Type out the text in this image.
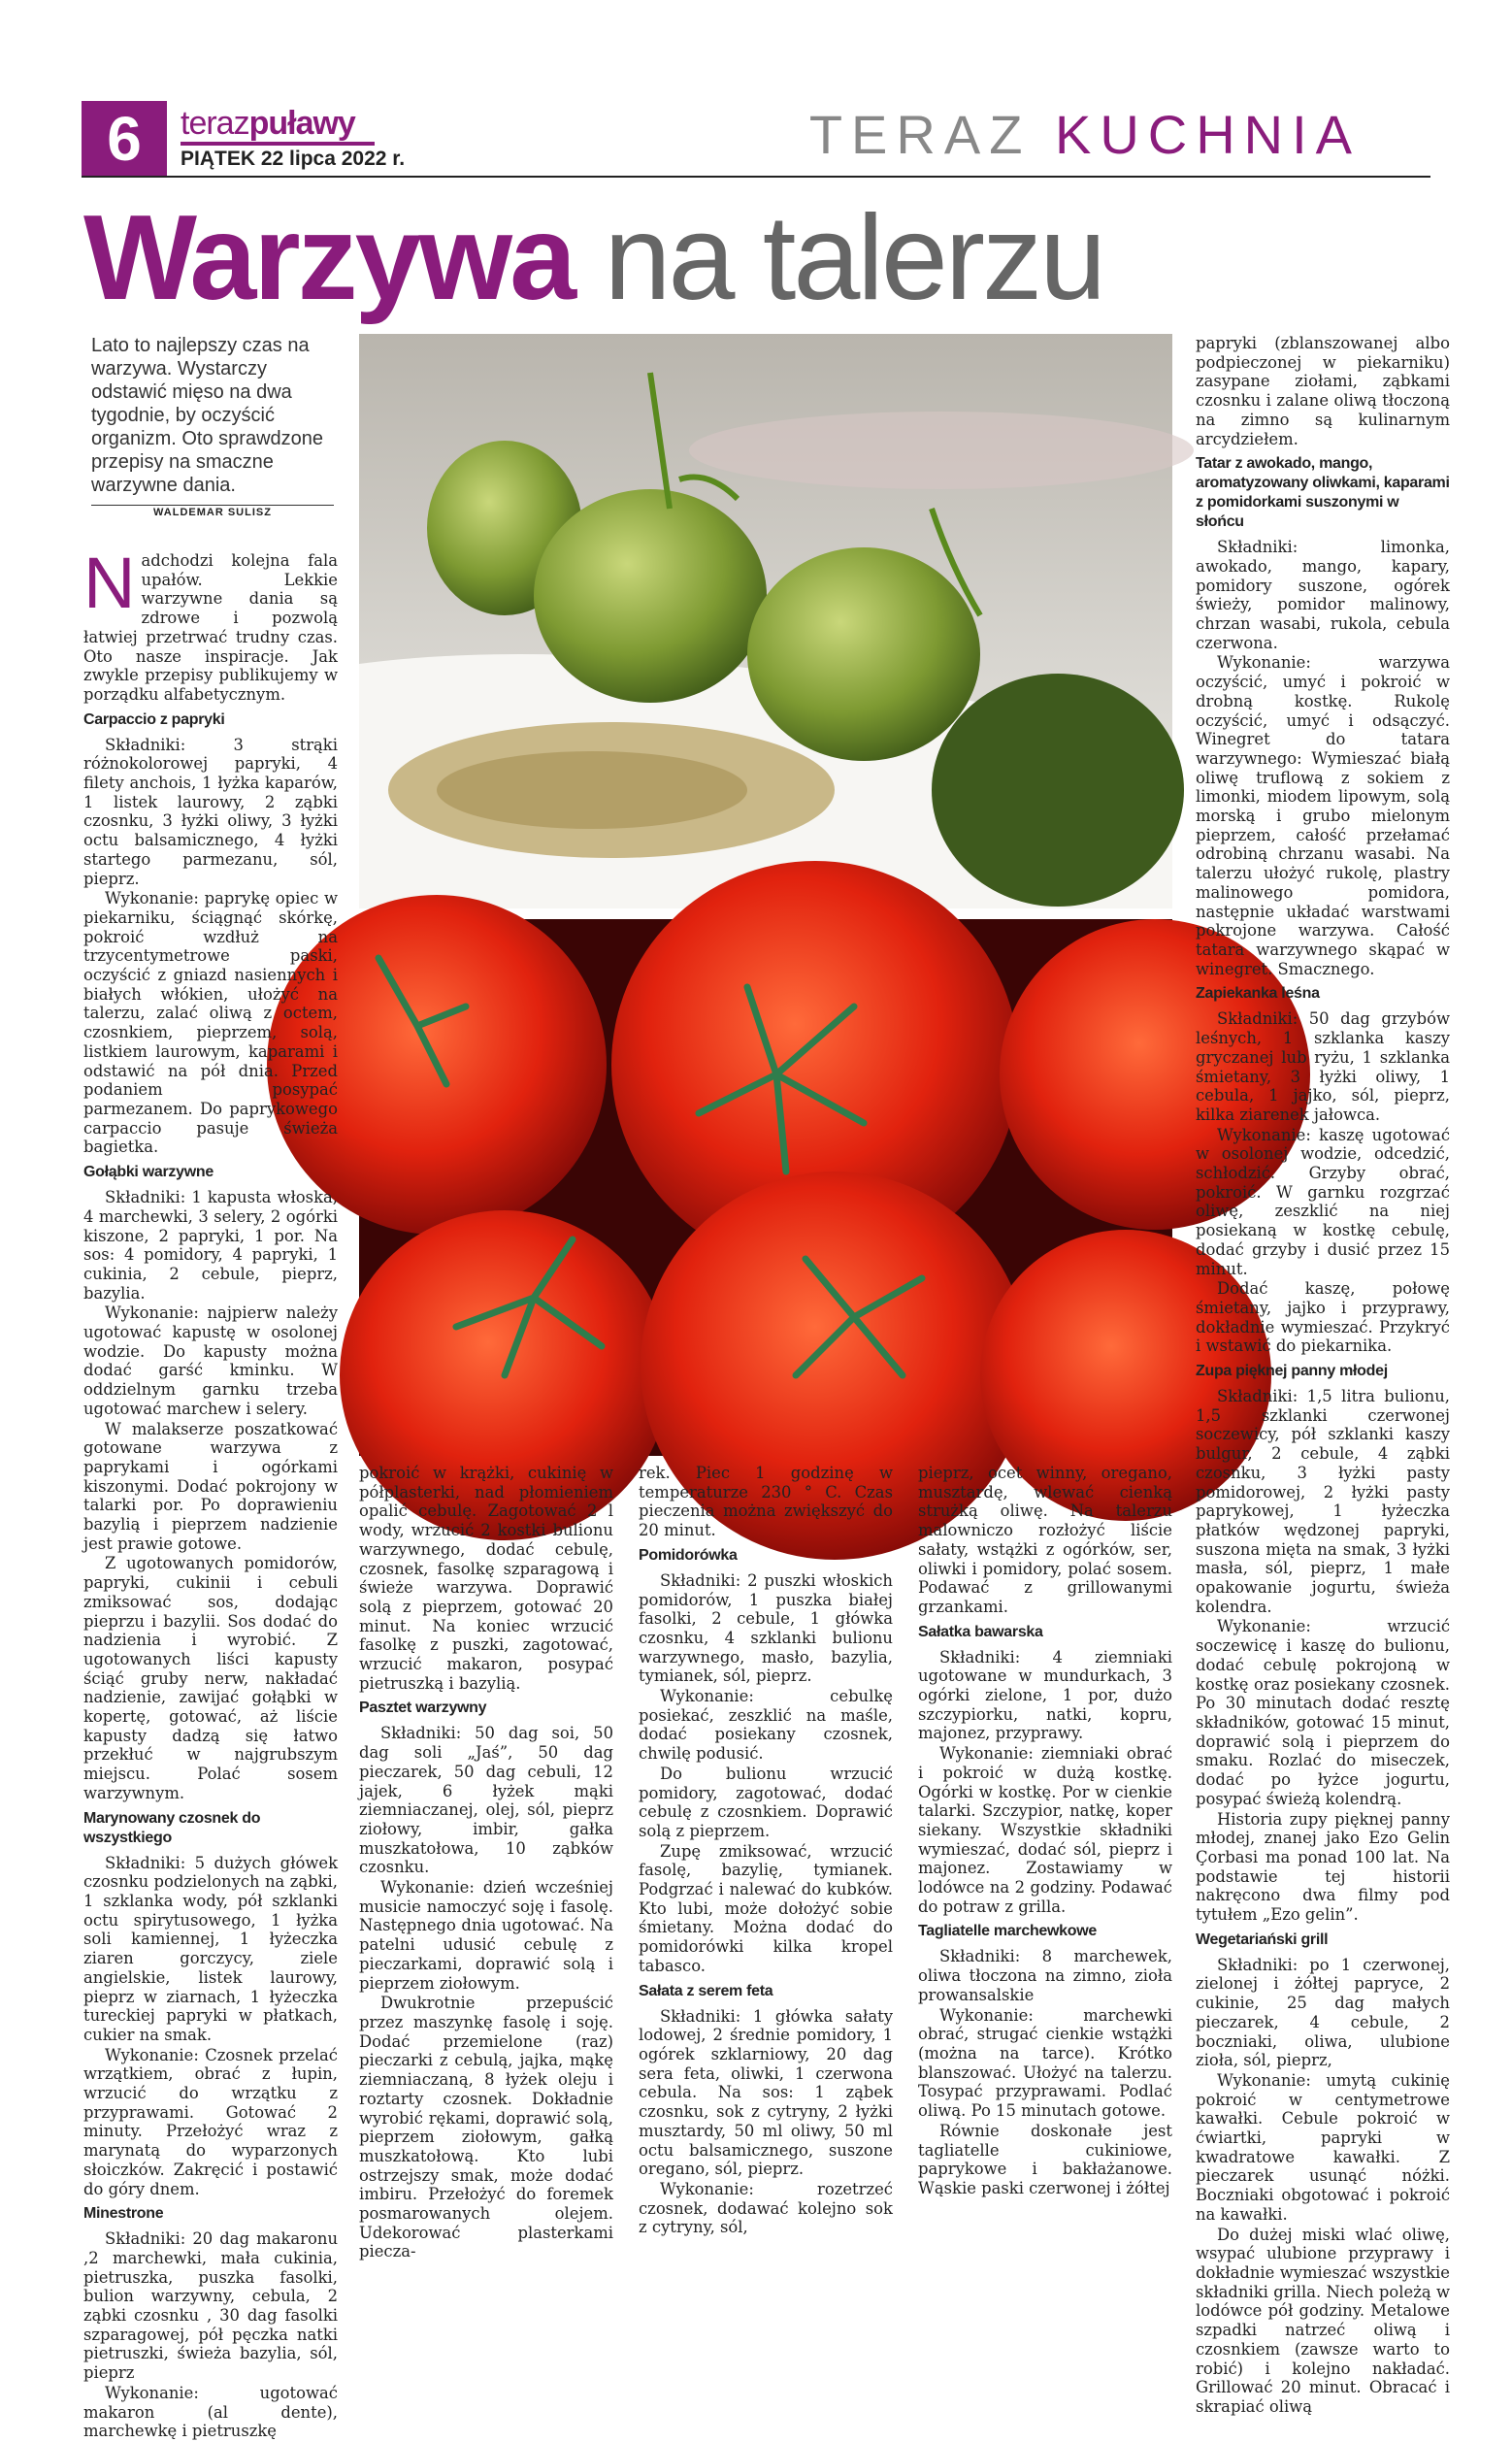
6	terazpuławy
PIĄTEK 22 lipca 2022 r.	TERAZ KUCHNIA
Warzywa na talerzu
Lato to najlepszy czas na warzywa. Wystarczy odstawić mięso na dwa tygodnie, by oczyścić organizm. Oto sprawdzone przepisy na smaczne warzywne dania.
WALDEMAR SULISZ

Nadchodzi kolejna fala upałów. Lekkie warzywne dania są zdrowe i pozwolą łatwiej przetrwać trudny czas. Oto nasze inspiracje. Jak zwykle przepisy publikujemy w porządku alfabetycznym.

Carpaccio z papryki

Składniki: 3 strąki różnokolorowej papryki, 4 filety anchois, 1 łyżka kaparów, 1 listek laurowy, 2 ząbki czosnku, 3 łyżki oliwy, 3 łyżki octu balsamicznego, 4 łyżki startego parmezanu, sól, pieprz.

Wykonanie: paprykę opiec w piekarniku, ściągnąć skórkę, pokroić wzdłuż na trzycentymetrowe paski, oczyścić z gniazd nasiennych i białych włókien, ułożyć na talerzu, zalać oliwą z octem, czosnkiem, pieprzem, solą, listkiem laurowym, kaparami i odstawić na pół dnia. Przed podaniem posypać parmezanem. Do paprykowego carpaccio pasuje świeża bagietka.

Gołąbki warzywne

Składniki: 1 kapusta włoska, 4 marchewki, 3 selery, 2 ogórki kiszone, 2 papryki, 1 por. Na sos: 4 pomidory, 4 papryki, 1 cukinia, 2 cebule, pieprz, bazylia.

Wykonanie: najpierw należy ugotować kapustę w osolonej wodzie. Do kapusty można dodać garść kminku. W oddzielnym garnku trzeba ugotować marchew i selery.

W malakserze poszatkować gotowane warzywa z paprykami i ogórkami kiszonymi. Dodać pokrojony w talarki por. Po doprawieniu bazylią i pieprzem nadzienie jest prawie gotowe.

Z ugotowanych pomidorów, papryki, cukinii i cebuli zmiksować sos, dodając pieprzu i bazylii. Sos dodać do nadzienia i wyrobić. Z ugotowanych liści kapusty ściąć gruby nerw, nakładać nadzienie, zawijać gołąbki w kopertę, gotować, aż liście kapusty dadzą się łatwo przekłuć w najgrubszym miejscu. Polać sosem warzywnym.

Marynowany czosnek do wszystkiego

Składniki: 5 dużych główek czosnku podzielonych na ząbki, 1 szklanka wody, pół szklanki octu spirytusowego, 1 łyżka soli kamiennej, 1 łyżeczka ziaren gorczycy, ziele angielskie, listek laurowy, pieprz w ziarnach, 1 łyżeczka tureckiej papryki w płatkach, cukier na smak.

Wykonanie: Czosnek przelać wrzątkiem, obrać z łupin, wrzucić do wrzątku z przyprawami. Gotować 2 minuty. Przełożyć wraz z marynatą do wyparzonych słoiczków. Zakręcić i postawić do góry dnem.

Minestrone

Składniki: 20 dag makaronu ,2 marchewki, mała cukinia, pietruszka, puszka fasolki, bulion warzywny, cebula, 2 ząbki czosnku , 30 dag fasolki szparagowej, pół pęczka natki pietruszki, świeża bazylia, sól, pieprz

Wykonanie: ugotować makaron (al dente), marchewkę i pietruszkę

pokroić w krążki, cukinię w półplasterki, nad płomieniem opalić cebulę. Zagotować 2 l wody, wrzucić 2 kostki bulionu warzywnego, dodać cebulę, czosnek, fasolkę szparagową i świeże warzywa. Doprawić solą z pieprzem, gotować 20 minut. Na koniec wrzucić fasolkę z puszki, zagotować, wrzucić makaron, posypać pietruszką i bazylią.

Pasztet warzywny

Składniki: 50 dag soi, 50 dag soli „Jaś”, 50 dag pieczarek, 50 dag cebuli, 12 jajek, 6 łyżek mąki ziemniaczanej, olej, sól, pieprz ziołowy, imbir, gałka muszkatołowa, 10 ząbków czosnku.

Wykonanie: dzień wcześniej musicie namoczyć soję i fasolę. Następnego dnia ugotować. Na patelni udusić cebulę z pieczarkami, doprawić solą i pieprzem ziołowym.

Dwukrotnie przepuścić przez maszynkę fasolę i soję. Dodać przemielone (raz) pieczarki z cebulą, jajka, mąkę ziemniaczaną, 8 łyżek oleju i roztarty czosnek. Dokładnie wyrobić rękami, doprawić solą, pieprzem ziołowym, gałką muszkatołową. Kto lubi ostrzejszy smak, może dodać imbiru. Przełożyć do foremek posmarowanych olejem. Udekorować plasterkami piecza-

rek. Piec 1 godzinę w temperaturze 230 ° C. Czas pieczenia można zwiększyć do 20 minut.

Pomidorówka

Składniki: 2 puszki włoskich pomidorów, 1 puszka białej fasolki, 2 cebule, 1 główka czosnku, 4 szklanki bulionu warzywnego, masło, bazylia, tymianek, sól, pieprz.

Wykonanie: cebulkę posiekać, zeszklić na maśle, dodać posiekany czosnek, chwilę podusić.

Do bulionu wrzucić pomidory, zagotować, dodać cebulę z czosnkiem. Doprawić solą z pieprzem.

Zupę zmiksować, wrzucić fasolę, bazylię, tymianek. Podgrzać i nalewać do kubków. Kto lubi, może dołożyć sobie śmietany. Można dodać do pomidorówki kilka kropel tabasco.

Sałata z serem feta

Składniki: 1 główka sałaty lodowej, 2 średnie pomidory, 1 ogórek szklarniowy, 20 dag sera feta, oliwki, 1 czerwona cebula. Na sos: 1 ząbek czosnku, sok z cytryny, 2 łyżki musztardy, 50 ml oliwy, 50 ml octu balsamicznego, suszone oregano, sól, pieprz.

Wykonanie: rozetrzeć czosnek, dodawać kolejno sok z cytryny, sól,

pieprz, ocet winny, oregano, musztardę, wlewać cienką strużką oliwę. Na talerzu malowniczo rozłożyć liście sałaty, wstążki z ogórków, ser, oliwki i pomidory, polać sosem. Podawać z grillowanymi grzankami.

Sałatka bawarska

Składniki: 4 ziemniaki ugotowane w mundurkach, 3 ogórki zielone, 1 por, dużo szczypiorku, natki, kopru, majonez, przyprawy.

Wykonanie: ziemniaki obrać i pokroić w dużą kostkę. Ogórki w kostkę. Por w cienkie talarki. Szczypior, natkę, koper siekany. Wszystkie składniki wymieszać, dodać sól, pieprz i majonez. Zostawiamy w lodówce na 2 godziny. Podawać do potraw z grilla.

Tagliatelle marchewkowe

Składniki: 8 marchewek, oliwa tłoczona na zimno, zioła prowansalskie

Wykonanie: marchewki obrać, strugać cienkie wstążki (można na tarce). Krótko blanszować. Ułożyć na talerzu. Tosypać przyprawami. Podlać oliwą. Po 15 minutach gotowe.

Równie doskonałe jest tagliatelle cukiniowe, paprykowe i bakłażanowe. Wąskie paski czerwonej i żółtej

papryki (zblanszowanej albo podpieczonej w piekarniku) zasypane ziołami, ząbkami czosnku i zalane oliwą tłoczoną na zimno są kulinarnym arcydziełem.

Tatar z awokado, mango, aromatyzowany oliwkami, kaparami z pomidorkami suszonymi w słońcu

Składniki: limonka, awokado, mango, kapary, pomidory suszone, ogórek świeży, pomidor malinowy, chrzan wasabi, rukola, cebula czerwona.

Wykonanie: warzywa oczyścić, umyć i pokroić w drobną kostkę. Rukolę oczyścić, umyć i odsączyć. Winegret do tatara warzywnego: Wymieszać białą oliwę truflową z sokiem z limonki, miodem lipowym, solą morską i grubo mielonym pieprzem, całość przełamać odrobiną chrzanu wasabi. Na talerzu ułożyć rukolę, plastry malinowego pomidora, następnie układać warstwami pokrojone warzywa. Całość tatara warzywnego skąpać w winegret. Smacznego.

Zapiekanka leśna

Składniki: 50 dag grzybów leśnych, 1 szklanka kaszy gryczanej lub ryżu, 1 szklanka śmietany, 3 łyżki oliwy, 1 cebula, 1 jajko, sól, pieprz, kilka ziarenek jałowca.

Wykonanie: kaszę ugotować w osolonej wodzie, odcedzić, schłodzić. Grzyby obrać, pokroić. W garnku rozgrzać oliwę, zeszklić na niej posiekaną w kostkę cebulę, dodać grzyby i dusić przez 15 minut.

Dodać kaszę, połowę śmietany, jajko i przyprawy, dokładnie wymieszać. Przykryć i wstawić do piekarnika.

Zupa pięknej panny młodej

Składniki: 1,5 litra bulionu, 1,5 szklanki czerwonej soczewicy, pół szklanki kaszy bulgur, 2 cebule, 4 ząbki czosnku, 3 łyżki pasty pomidorowej, 2 łyżki pasty paprykowej, 1 łyżeczka płatków wędzonej papryki, suszona mięta na smak, 3 łyżki masła, sól, pieprz, 1 małe opakowanie jogurtu, świeża kolendra.

Wykonanie: wrzucić soczewicę i kaszę do bulionu, dodać cebulę pokrojoną w kostkę oraz posiekany czosnek. Po 30 minutach dodać resztę składników, gotować 15 minut, doprawić solą i pieprzem do smaku. Rozlać do miseczek, dodać po łyżce jogurtu, posypać świeżą kolendrą.

Historia zupy pięknej panny młodej, znanej jako Ezo Gelin Çorbasi ma ponad 100 lat. Na podstawie tej historii nakręcono dwa filmy pod tytułem „Ezo gelin”.

Wegetariański grill

Składniki: po 1 czerwonej, zielonej i żółtej papryce, 2 cukinie, 25 dag małych pieczarek, 4 cebule, 2 boczniaki, oliwa, ulubione zioła, sól, pieprz,

Wykonanie: umytą cukinię pokroić w centymetrowe kawałki. Cebule pokroić w ćwiartki, papryki w kwadratowe kawałki. Z pieczarek usunąć nóżki. Boczniaki obgotować i pokroić na kawałki.

Do dużej miski wlać oliwę, wsypać ulubione przyprawy i dokładnie wymieszać wszystkie składniki grilla. Niech poleżą w lodówce pół godziny. Metalowe szpadki natrzeć oliwą i czosnkiem (zawsze warto to robić) i kolejno nakładać. Grillować 20 minut. Obracać i skrapiać oliwą
